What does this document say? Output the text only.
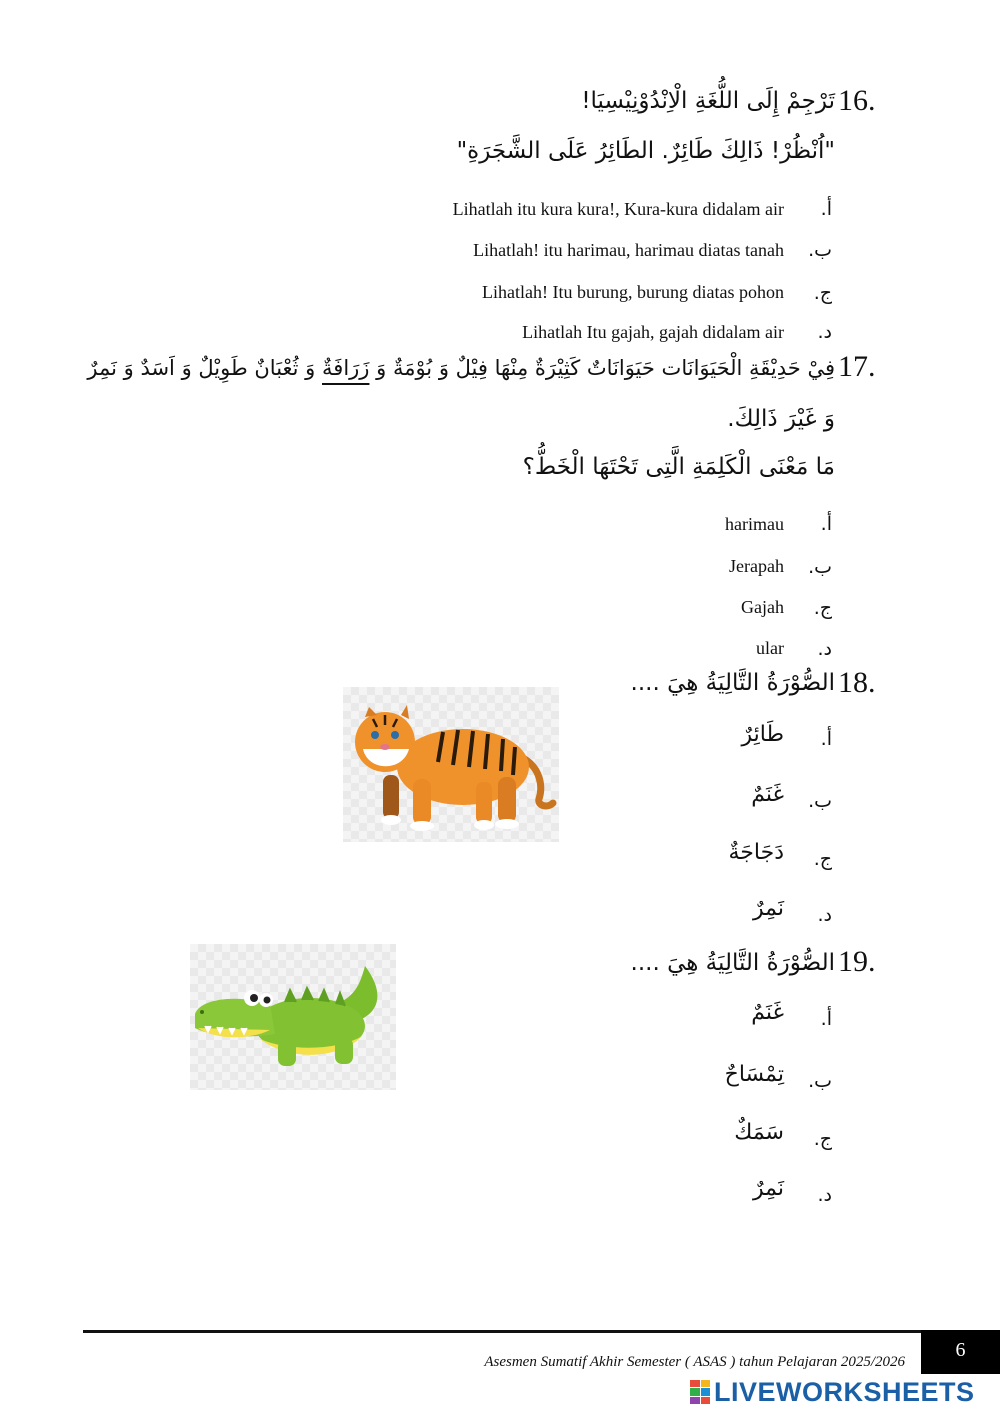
16.
تَرْجِمْ إِلَى اللُّغَةِ الْاِنْدُوْنِيْسِيَا!
"اُنْظُرْ! ذَالِكَ طَائِرٌ. الطَائِرُ عَلَى الشَّجَرَةِ"
أ.
Lihatlah itu kura kura!, Kura-kura didalam air
ب.
Lihatlah! itu harimau, harimau diatas tanah
ج.
Lihatlah! Itu burung, burung diatas pohon
د.
Lihatlah Itu gajah, gajah didalam air
17.
فِيْ حَدِيْقَةِ الْحَيَوَانَات حَيَوَانَاتٌ كَثِيْرَةٌ مِنْهَا فِيْلٌ وَ بُوْمَةٌ وَ زَرَافَةٌ وَ ثُعْبَانٌ طَوِيْلٌ وَ اَسَدٌ وَ نَمِرٌ
وَ غَيْرَ ذَالِكَ.
مَا مَعْنَى الْكَلِمَةِ الَّتِى تَحْتَهَا الْخَطُّ؟
أ.
harimau
ب.
Jerapah
ج.
Gajah
د.
ular
18.
الصُّوْرَةُ التَّالِيَةُ هِيَ ....
أ.
طَائِرٌ
ب.
غَنَمٌ
ج.
دَجَاجَةٌ
د.
نَمِرٌ
19.
الصُّوْرَةُ التَّالِيَةُ هِيَ ....
أ.
غَنَمٌ
ب.
تِمْسَاحٌ
ج.
سَمَكٌ
د.
نَمِرٌ
Asesmen Sumatif Akhir Semester ( ASAS ) tahun Pelajaran 2025/2026
6
LIVEWORKSHEETS
